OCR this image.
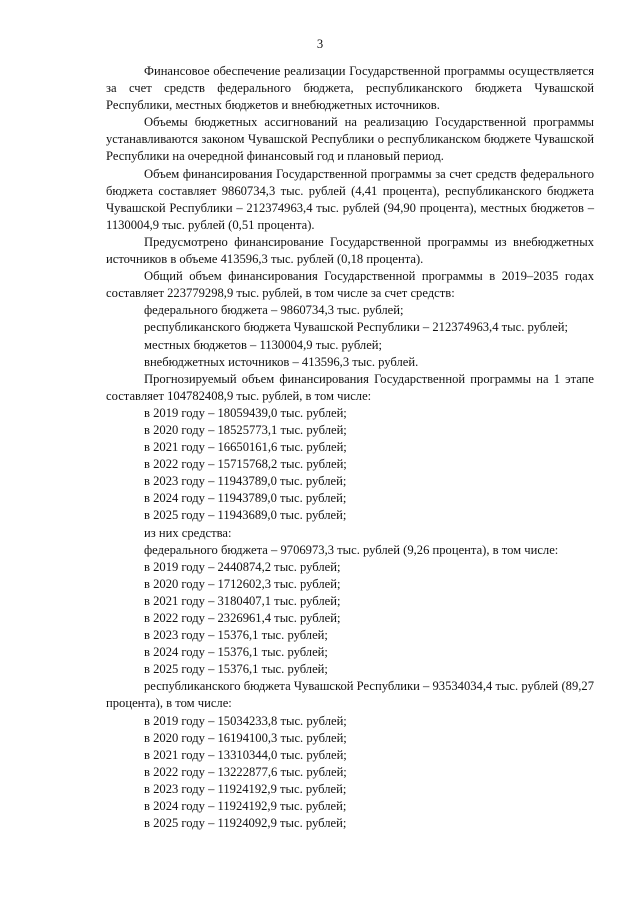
3

Финансовое обеспечение реализации Государственной программы осуществляется за счет средств федерального бюджета, республиканского бюджета Чувашской Республики, местных бюджетов и внебюджетных источников.

Объемы бюджетных ассигнований на реализацию Государственной программы устанавливаются законом Чувашской Республики о республиканском бюджете Чувашской Республики на очередной финансовый год и плановый период.

Объем финансирования Государственной программы за счет средств федерального бюджета составляет 9860734,3 тыс. рублей (4,41 процента), республиканского бюджета Чувашской Республики – 212374963,4 тыс. рублей (94,90 процента), местных бюджетов – 1130004,9 тыс. рублей (0,51 процента).

Предусмотрено финансирование Государственной программы из внебюджетных источников в объеме 413596,3 тыс. рублей (0,18 процента).

Общий объем финансирования Государственной программы в 2019–2035 годах составляет 223779298,9 тыс. рублей, в том числе за счет средств:

федерального бюджета – 9860734,3 тыс. рублей;

республиканского бюджета Чувашской Республики – 212374963,4 тыс. рублей;

местных бюджетов – 1130004,9 тыс. рублей;

внебюджетных источников – 413596,3 тыс. рублей.

Прогнозируемый объем финансирования Государственной программы на 1 этапе составляет 104782408,9 тыс. рублей, в том числе:

в 2019 году – 18059439,0 тыс. рублей;

в 2020 году – 18525773,1 тыс. рублей;

в 2021 году – 16650161,6 тыс. рублей;

в 2022 году – 15715768,2 тыс. рублей;

в 2023 году – 11943789,0 тыс. рублей;

в 2024 году – 11943789,0 тыс. рублей;

в 2025 году – 11943689,0 тыс. рублей;

из них средства:

федерального бюджета – 9706973,3 тыс. рублей (9,26 процента), в том числе:

в 2019 году – 2440874,2 тыс. рублей;

в 2020 году – 1712602,3 тыс. рублей;

в 2021 году – 3180407,1 тыс. рублей;

в 2022 году – 2326961,4 тыс. рублей;

в 2023 году – 15376,1 тыс. рублей;

в 2024 году – 15376,1 тыс. рублей;

в 2025 году – 15376,1 тыс. рублей;

республиканского бюджета Чувашской Республики – 93534034,4 тыс. рублей (89,27 процента), в том числе:

в 2019 году – 15034233,8 тыс. рублей;

в 2020 году – 16194100,3 тыс. рублей;

в 2021 году – 13310344,0 тыс. рублей;

в 2022 году – 13222877,6 тыс. рублей;

в 2023 году – 11924192,9 тыс. рублей;

в 2024 году – 11924192,9 тыс. рублей;

в 2025 году – 11924092,9 тыс. рублей;
